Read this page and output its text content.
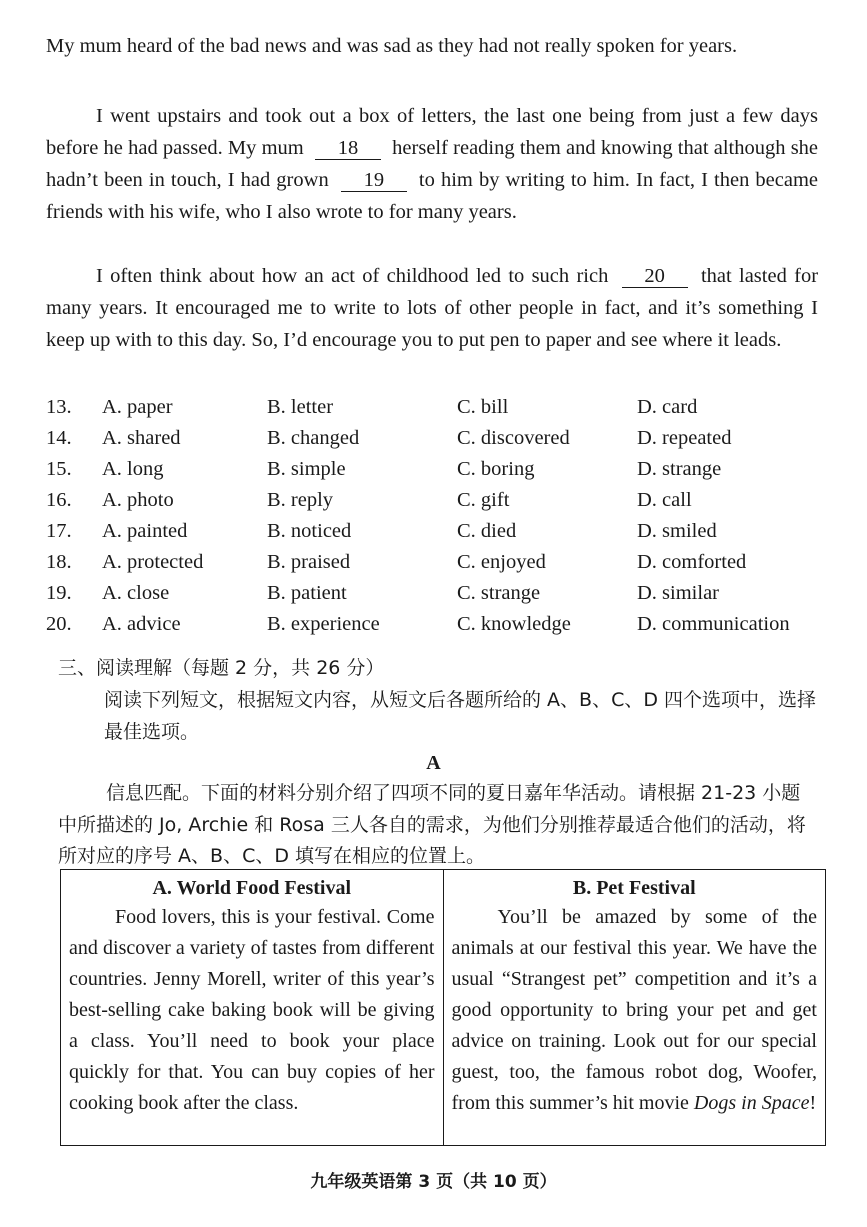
My mum heard of the bad news and was sad as they had not really spoken for years.

I went upstairs and took out a box of letters, the last one being from just a few days before he had passed. My mum 18 herself reading them and knowing that although she hadn’t been in touch, I had grown 19 to him by writing to him. In fact, I then became friends with his wife, who I also wrote to for many years.

I often think about how an act of childhood led to such rich 20 that lasted for many years. It encouraged me to write to lots of other people in fact, and it’s something I keep up with to this day. So, I’d encourage you to put pen to paper and see where it leads.

13.	A. paper	B. letter	C. bill	D. card
14.	A. shared	B. changed	C. discovered	D. repeated
15.	A. long	B. simple	C. boring	D. strange
16.	A. photo	B. reply	C. gift	D. call
17.	A. painted	B. noticed	C. died	D. smiled
18.	A. protected	B. praised	C. enjoyed	D. comforted
19.	A. close	B. patient	C. strange	D. similar
20.	A. advice	B. experience	C. knowledge	D. communication
三、阅读理解（每题 2 分，共 26 分）
阅读下列短文，根据短文内容，从短文后各题所给的 A、B、C、D 四个选项中，选择最佳选项。
A
信息匹配。下面的材料分别介绍了四项不同的夏日嘉年华活动。请根据 21-23 小题中所描述的 Jo, Archie 和 Rosa 三人各自的需求，为他们分别推荐最适合他们的活动，将所对应的序号 A、B、C、D 填写在相应的位置上。
A. World Food Festival

Food lovers, this is your festival. Come and discover a variety of tastes from different countries. Jenny Morell, writer of this year’s best-selling cake baking book will be giving a class. You’ll need to book your place quickly for that. You can buy copies of her cooking book after the class.

B. Pet Festival

You’ll be amazed by some of the animals at our festival this year. We have the usual “Strangest pet” competition and it’s a good opportunity to bring your pet and get advice on training. Look out for our special guest, too, the famous robot dog, Woofer, from this summer’s hit movie Dogs in Space!

九年级英语第 3 页（共 10 页）
